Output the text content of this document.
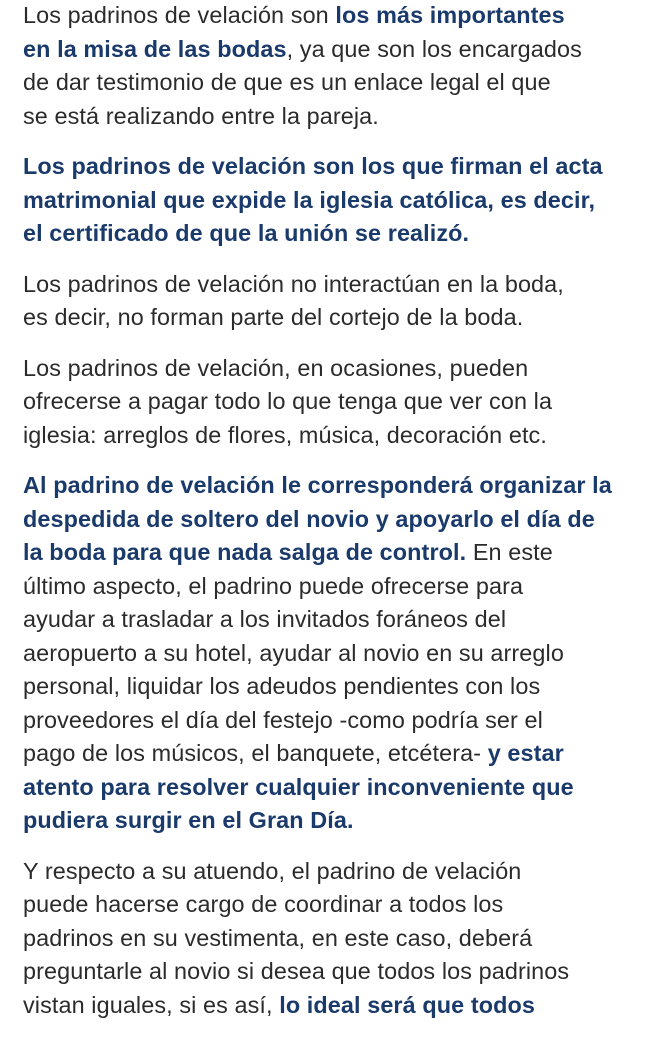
Los padrinos de velación son los más importantes
en la misa de las bodas, ya que son los encargados
de dar testimonio de que es un enlace legal el que
se está realizando entre la pareja.

Los padrinos de velación son los que firman el acta
matrimonial que expide la iglesia católica, es decir,
el certificado de que la unión se realizó.

Los padrinos de velación no interactúan en la boda,
es decir, no forman parte del cortejo de la boda.

Los padrinos de velación, en ocasiones, pueden
ofrecerse a pagar todo lo que tenga que ver con la
iglesia: arreglos de flores, música, decoración etc.

Al padrino de velación le corresponderá organizar la
despedida de soltero del novio y apoyarlo el día de
la boda para que nada salga de control. En este
último aspecto, el padrino puede ofrecerse para
ayudar a trasladar a los invitados foráneos del
aeropuerto a su hotel, ayudar al novio en su arreglo
personal, liquidar los adeudos pendientes con los
proveedores el día del festejo -como podría ser el
pago de los músicos, el banquete, etcétera- y estar
atento para resolver cualquier inconveniente que
pudiera surgir en el Gran Día.

Y respecto a su atuendo, el padrino de velación
puede hacerse cargo de coordinar a todos los
padrinos en su vestimenta, en este caso, deberá
preguntarle al novio si desea que todos los padrinos
vistan iguales, si es así, lo ideal será que todos
